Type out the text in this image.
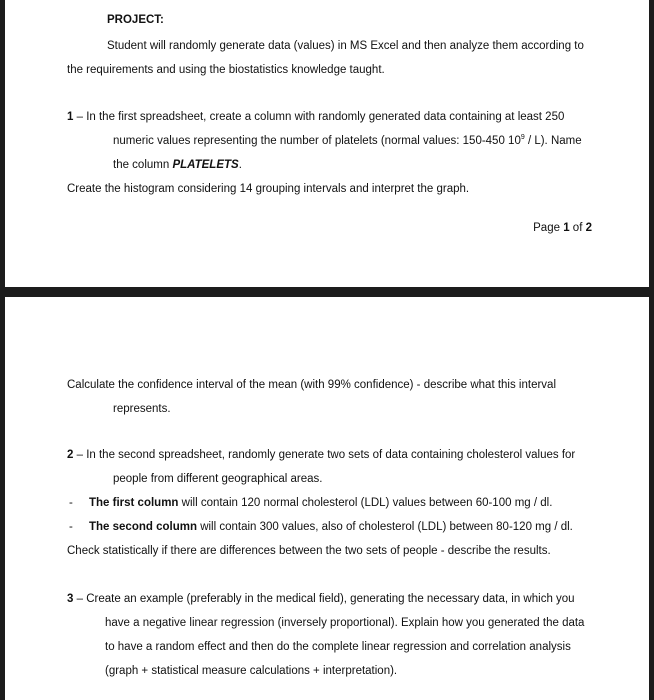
PROJECT:
Student will randomly generate data (values) in MS Excel and then analyze them according to
the requirements and using the biostatistics knowledge taught.
1 – In the first spreadsheet, create a column with randomly generated data containing at least 250
numeric values representing the number of platelets (normal values: 150-450 $10^9 / L$). Name
the column PLATELETS.
Create the histogram considering 14 grouping intervals and interpret the graph.
Page 1 of 2
Calculate the confidence interval of the mean (with 99% confidence) - describe what this interval
represents.
2 – In the second spreadsheet, randomly generate two sets of data containing cholesterol values for
people from different geographical areas.
- The first column will contain 120 normal cholesterol (LDL) values between 60-100 mg / dl.
- The second column will contain 300 values, also of cholesterol (LDL) between 80-120 mg / dl.
Check statistically if there are differences between the two sets of people - describe the results.
3 – Create an example (preferably in the medical field), generating the necessary data, in which you
have a negative linear regression (inversely proportional). Explain how you generated the data
to have a random effect and then do the complete linear regression and correlation analysis
(graph + statistical measure calculations + interpretation).
